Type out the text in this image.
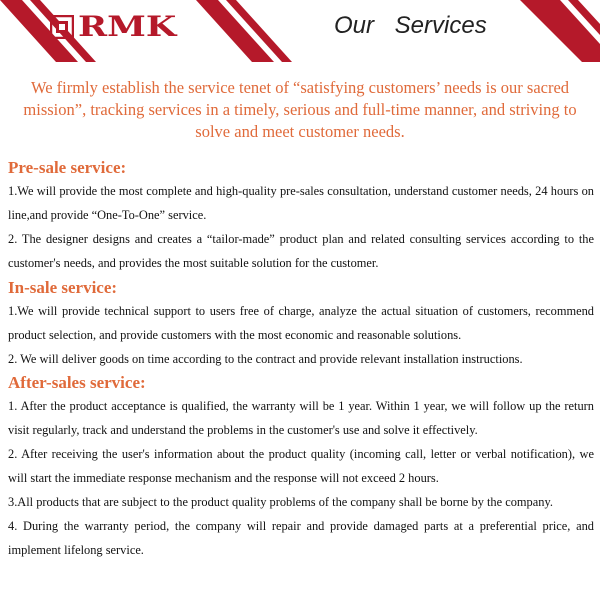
RMK	Our Services

We firmly establish the service tenet of “satisfying customers’ needs is our sacred mission”, tracking services in a timely, serious and full-time manner, and striving to solve and meet customer needs.

Pre-sale service:

1.We will provide the most complete and high-quality pre-sales consultation, understand customer needs, 24 hours on line,and provide “One-To-One” service.

2. The designer designs and creates a “tailor-made” product plan and related consulting services according to the customer's needs, and provides the most suitable solution for the customer.

In-sale service:

1.We will provide technical support to users free of charge, analyze the actual situation of customers, recommend product selection, and provide customers with the most economic and reasonable solutions.

2. We will deliver goods on time according to the contract and provide relevant installation instructions.

After-sales service:

1. After the product acceptance is qualified, the warranty will be 1 year. Within 1 year, we will follow up the return visit regularly, track and understand the problems in the customer's use and solve it effectively.

2. After receiving the user's information about the product quality (incoming call, letter or verbal notification), we will start the immediate response mechanism and the response will not exceed 2 hours.

3.All products that are subject to the product quality problems of the company shall be borne by the company.

4. During the warranty period, the company will repair and provide damaged parts at a preferential price, and implement lifelong service.
